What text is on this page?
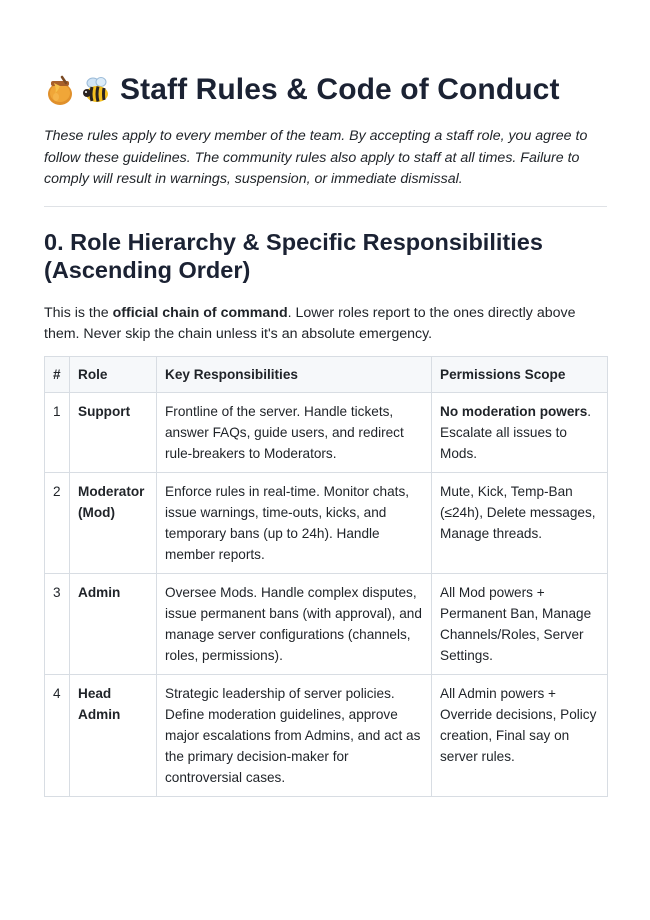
Staff Rules & Code of Conduct

These rules apply to every member of the team. By accepting a staff role, you agree to follow these guidelines. The community rules also apply to staff at all times. Failure to comply will result in warnings, suspension, or immediate dismissal.

0. Role Hierarchy & Specific Responsibilities (Ascending Order)

This is the official chain of command. Lower roles report to the ones directly above them. Never skip the chain unless it's an absolute emergency.

#	Role	Key Responsibilities	Permissions Scope
1	Support	Frontline of the server. Handle tickets, answer FAQs, guide users, and redirect rule-breakers to Moderators.	No moderation powers. Escalate all issues to Mods.
2	Moderator (Mod)	Enforce rules in real-time. Monitor chats, issue warnings, time-outs, kicks, and temporary bans (up to 24h). Handle member reports.	Mute, Kick, Temp-Ban (≤24h), Delete messages, Manage threads.
3	Admin	Oversee Mods. Handle complex disputes, issue permanent bans (with approval), and manage server configurations (channels, roles, permissions).	All Mod powers + Permanent Ban, Manage Channels/Roles, Server Settings.
4	Head Admin	Strategic leadership of server policies. Define moderation guidelines, approve major escalations from Admins, and act as the primary decision-maker for controversial cases.	All Admin powers + Override decisions, Policy creation, Final say on server rules.
